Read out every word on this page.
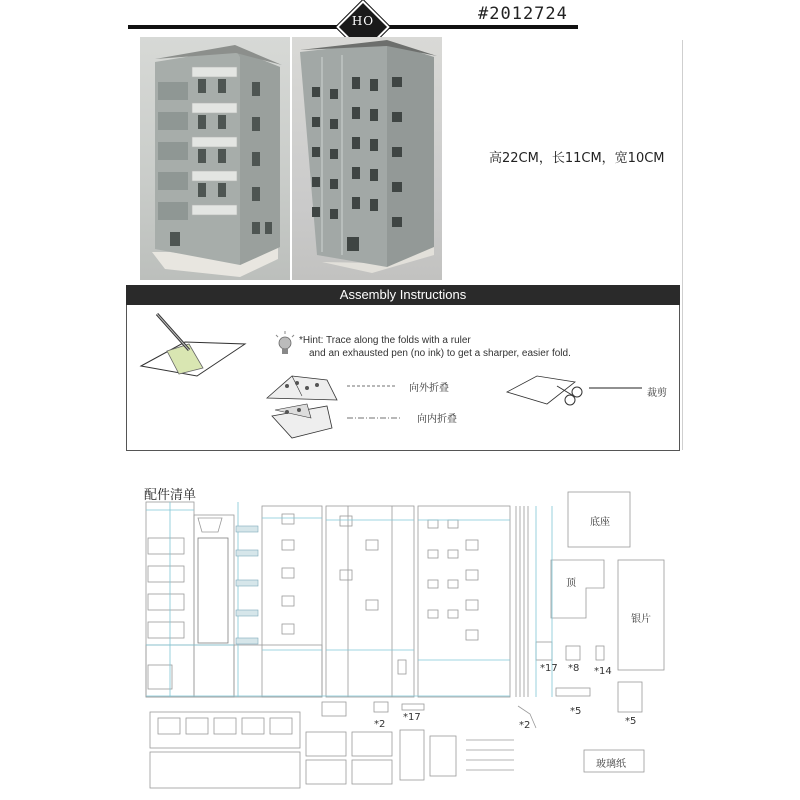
HO	#2012724
高22CM，长11CM，宽10CM
Assembly Instructions
*Hint: Trace along the folds with a ruler
and an exhausted pen (no ink) to get a sharper, easier fold.
向外折叠
向内折叠
裁剪
配件清单
底座
顶
银片
*17 *8 *14
*5
*5
*2
*17
*2
玻璃纸
